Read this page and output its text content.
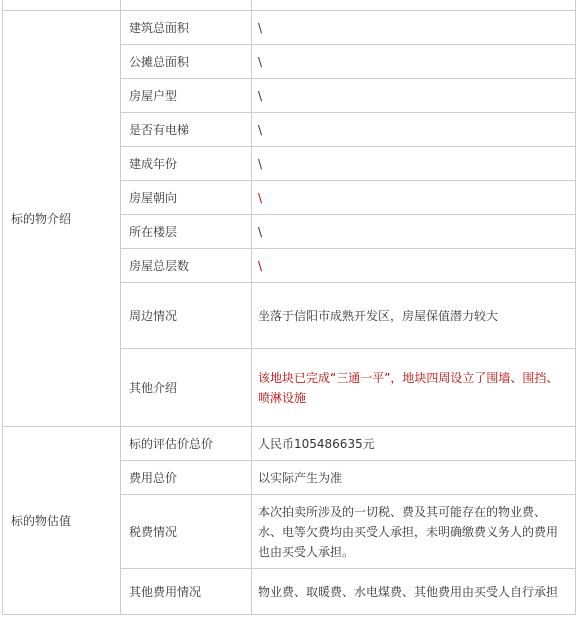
标的物介绍	建筑总面积	\
	公摊总面积	\
	房屋户型	\
	是否有电梯	\
	建成年份	\
	房屋朝向	\
	所在楼层	\
	房屋总层数	\
	周边情况	坐落于信阳市成熟开发区，房屋保值潜力较大
	其他介绍	该地块已完成“三通一平”，地块四周设立了围墙、围挡、喷淋设施
标的物估值	标的评估价总价	人民币105486635元
	费用总价	以实际产生为准
	税费情况	本次拍卖所涉及的一切税、费及其可能存在的物业费、水、电等欠费均由买受人承担，未明确缴费义务人的费用也由买受人承担。
	其他费用情况	物业费、取暖费、水电煤费、其他费用由买受人自行承担
